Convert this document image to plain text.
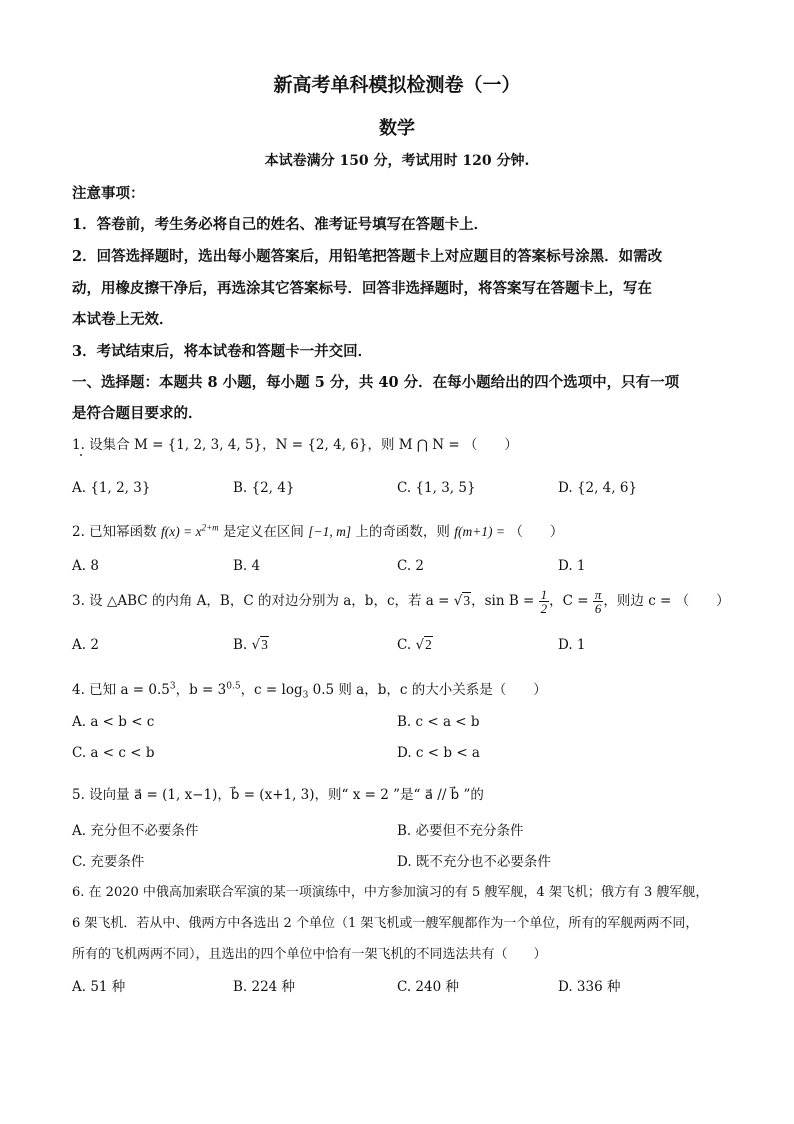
新高考单科模拟检测卷（一）
数学
本试卷满分 150 分，考试用时 120 分钟.
注意事项：
1．答卷前，考生务必将自己的姓名、准考证号填写在答题卡上．
2．回答选择题时，选出每小题答案后，用铅笔把答题卡上对应题目的答案标号涂黑．如需改
动，用橡皮擦干净后，再选涂其它答案标号．回答非选择题时，将答案写在答题卡上，写在
本试卷上无效．
3．考试结束后，将本试卷和答题卡一并交回．
一、选择题：本题共 8 小题，每小题 5 分，共 40 分．在每小题给出的四个选项中，只有一项
是符合题目要求的．
1. 设集合 M = {1, 2, 3, 4, 5}，N = {2, 4, 6}，则 M ⋂ N = （　　）
A. {1, 2, 3}	B. {2, 4}	C. {1, 3, 5}	D. {2, 4, 6}
2. 已知幂函数 $f(x) = x^{2+m}$ 是定义在区间 [−1, m] 上的奇函数，则 f(m+1) = （　　）
A. 8	B. 4	C. 2	D. 1
3. 设 △ABC 的内角 A，B，C 的对边分别为 a，b，c，若 a = √3，$\sin B = \frac{1}{2}$ ，$C = \frac{\pi}{6}$ ，则边 c = （　　）
A. 2	B. √3	C. √2	D. 1
4. 已知 $a = 0.5^3$，$b = 3^{0.5}$，$c = \log_3 0.5$ 则 a，b，c 的大小关系是（　　）
A. a < b < c	B. c < a < b
C. a < c < b	D. c < b < a
5. 设向量 a⃗ = (1, x−1)，b⃗ = (x+1, 3)，则“ x = 2 ”是“ a⃗ // b⃗ ”的
A. 充分但不必要条件	B. 必要但不充分条件
C. 充要条件	D. 既不充分也不必要条件
6. 在 2020 中俄高加索联合军演的某一项演练中，中方参加演习的有 5 艘军舰，4 架飞机；俄方有 3 艘军舰，
6 架飞机．若从中、俄两方中各选出 2 个单位（1 架飞机或一艘军舰都作为一个单位，所有的军舰两两不同，
所有的飞机两两不同），且选出的四个单位中恰有一架飞机的不同选法共有（　　）
A. 51 种	B. 224 种	C. 240 种	D. 336 种
